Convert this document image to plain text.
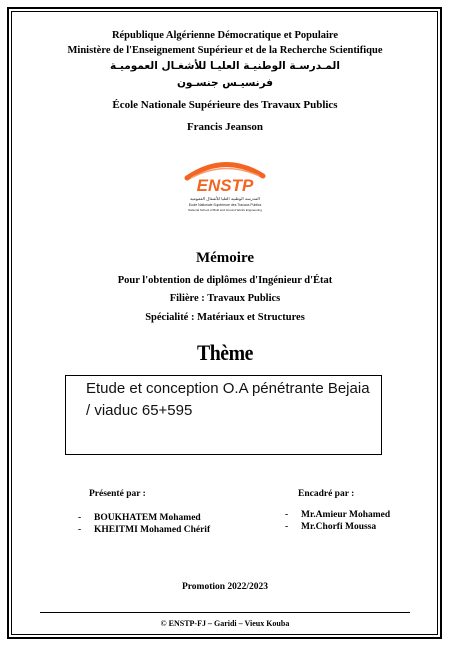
République Algérienne Démocratique et Populaire
Ministère de l'Enseignement Supérieur et de la Recherche Scientifique
المـدرسـة الوطنيـة العليـا للأشغـال العموميـة
فرنسيـس جنسـون
École Nationale Supérieure des Travaux Publics
Francis Jeanson
ENSTP
المدرسة الوطنية العليا للأشغال العمومية
Ecole Nationale Supérieure des Travaux Publics
National School of Built and Ground Works Engineering
Mémoire
Pour l'obtention de diplômes d'Ingénieur d'État
Filière : Travaux Publics
Spécialité : Matériaux et Structures
Thème
Etude et conception O.A pénétrante Bejaia
/ viaduc 65+595
Présenté par :	Encadré par :
- BOUKHATEM Mohamed
- KHEITMI Mohamed Chérif
- Mr.Amieur Mohamed
- Mr.Chorfi Moussa
Promotion 2022/2023
© ENSTP-FJ – Garidi – Vieux Kouba
